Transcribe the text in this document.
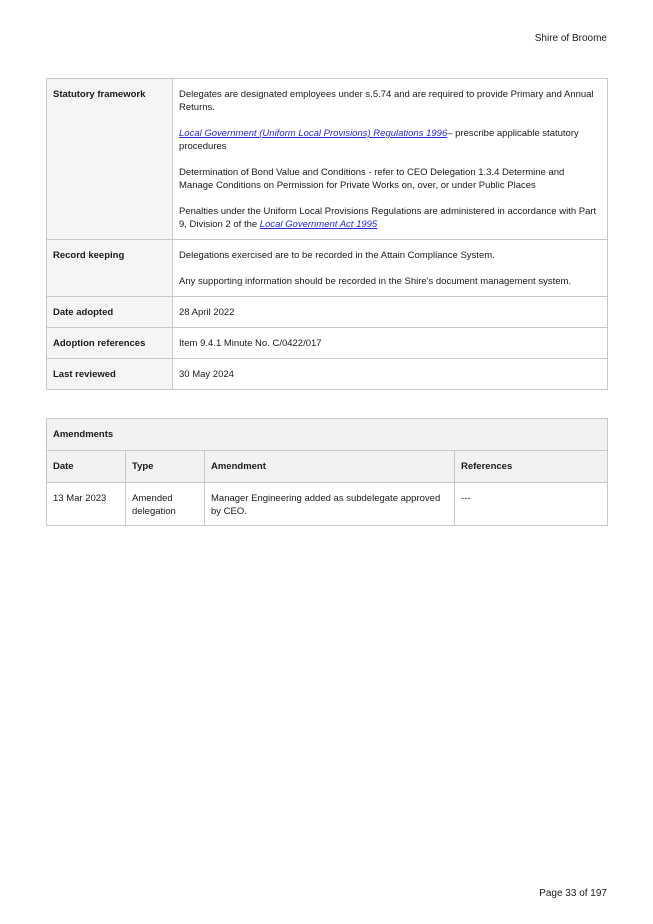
Shire of Broome
Statutory framework	Delegates are designated employees under s.5.74 and are required to provide Primary and Annual Returns.

Local Government (Uniform Local Provisions) Regulations 1996– prescribe applicable statutory procedures

Determination of Bond Value and Conditions - refer to CEO Delegation 1.3.4 Determine and Manage Conditions on Permission for Private Works on, over, or under Public Places

Penalties under the Uniform Local Provisions Regulations are administered in accordance with Part 9, Division 2 of the Local Government Act 1995

Record keeping	Delegations exercised are to be recorded in the Attain Compliance System.

Any supporting information should be recorded in the Shire's document management system.

Date adopted	28 April 2022
Adoption references	Item 9.4.1 Minute No. C/0422/017
Last reviewed	30 May 2024
Amendments			
Date	Type	Amendment	References
13 Mar 2023	Amended delegation	Manager Engineering added as subdelegate approved by CEO.	---
Page 33 of 197
